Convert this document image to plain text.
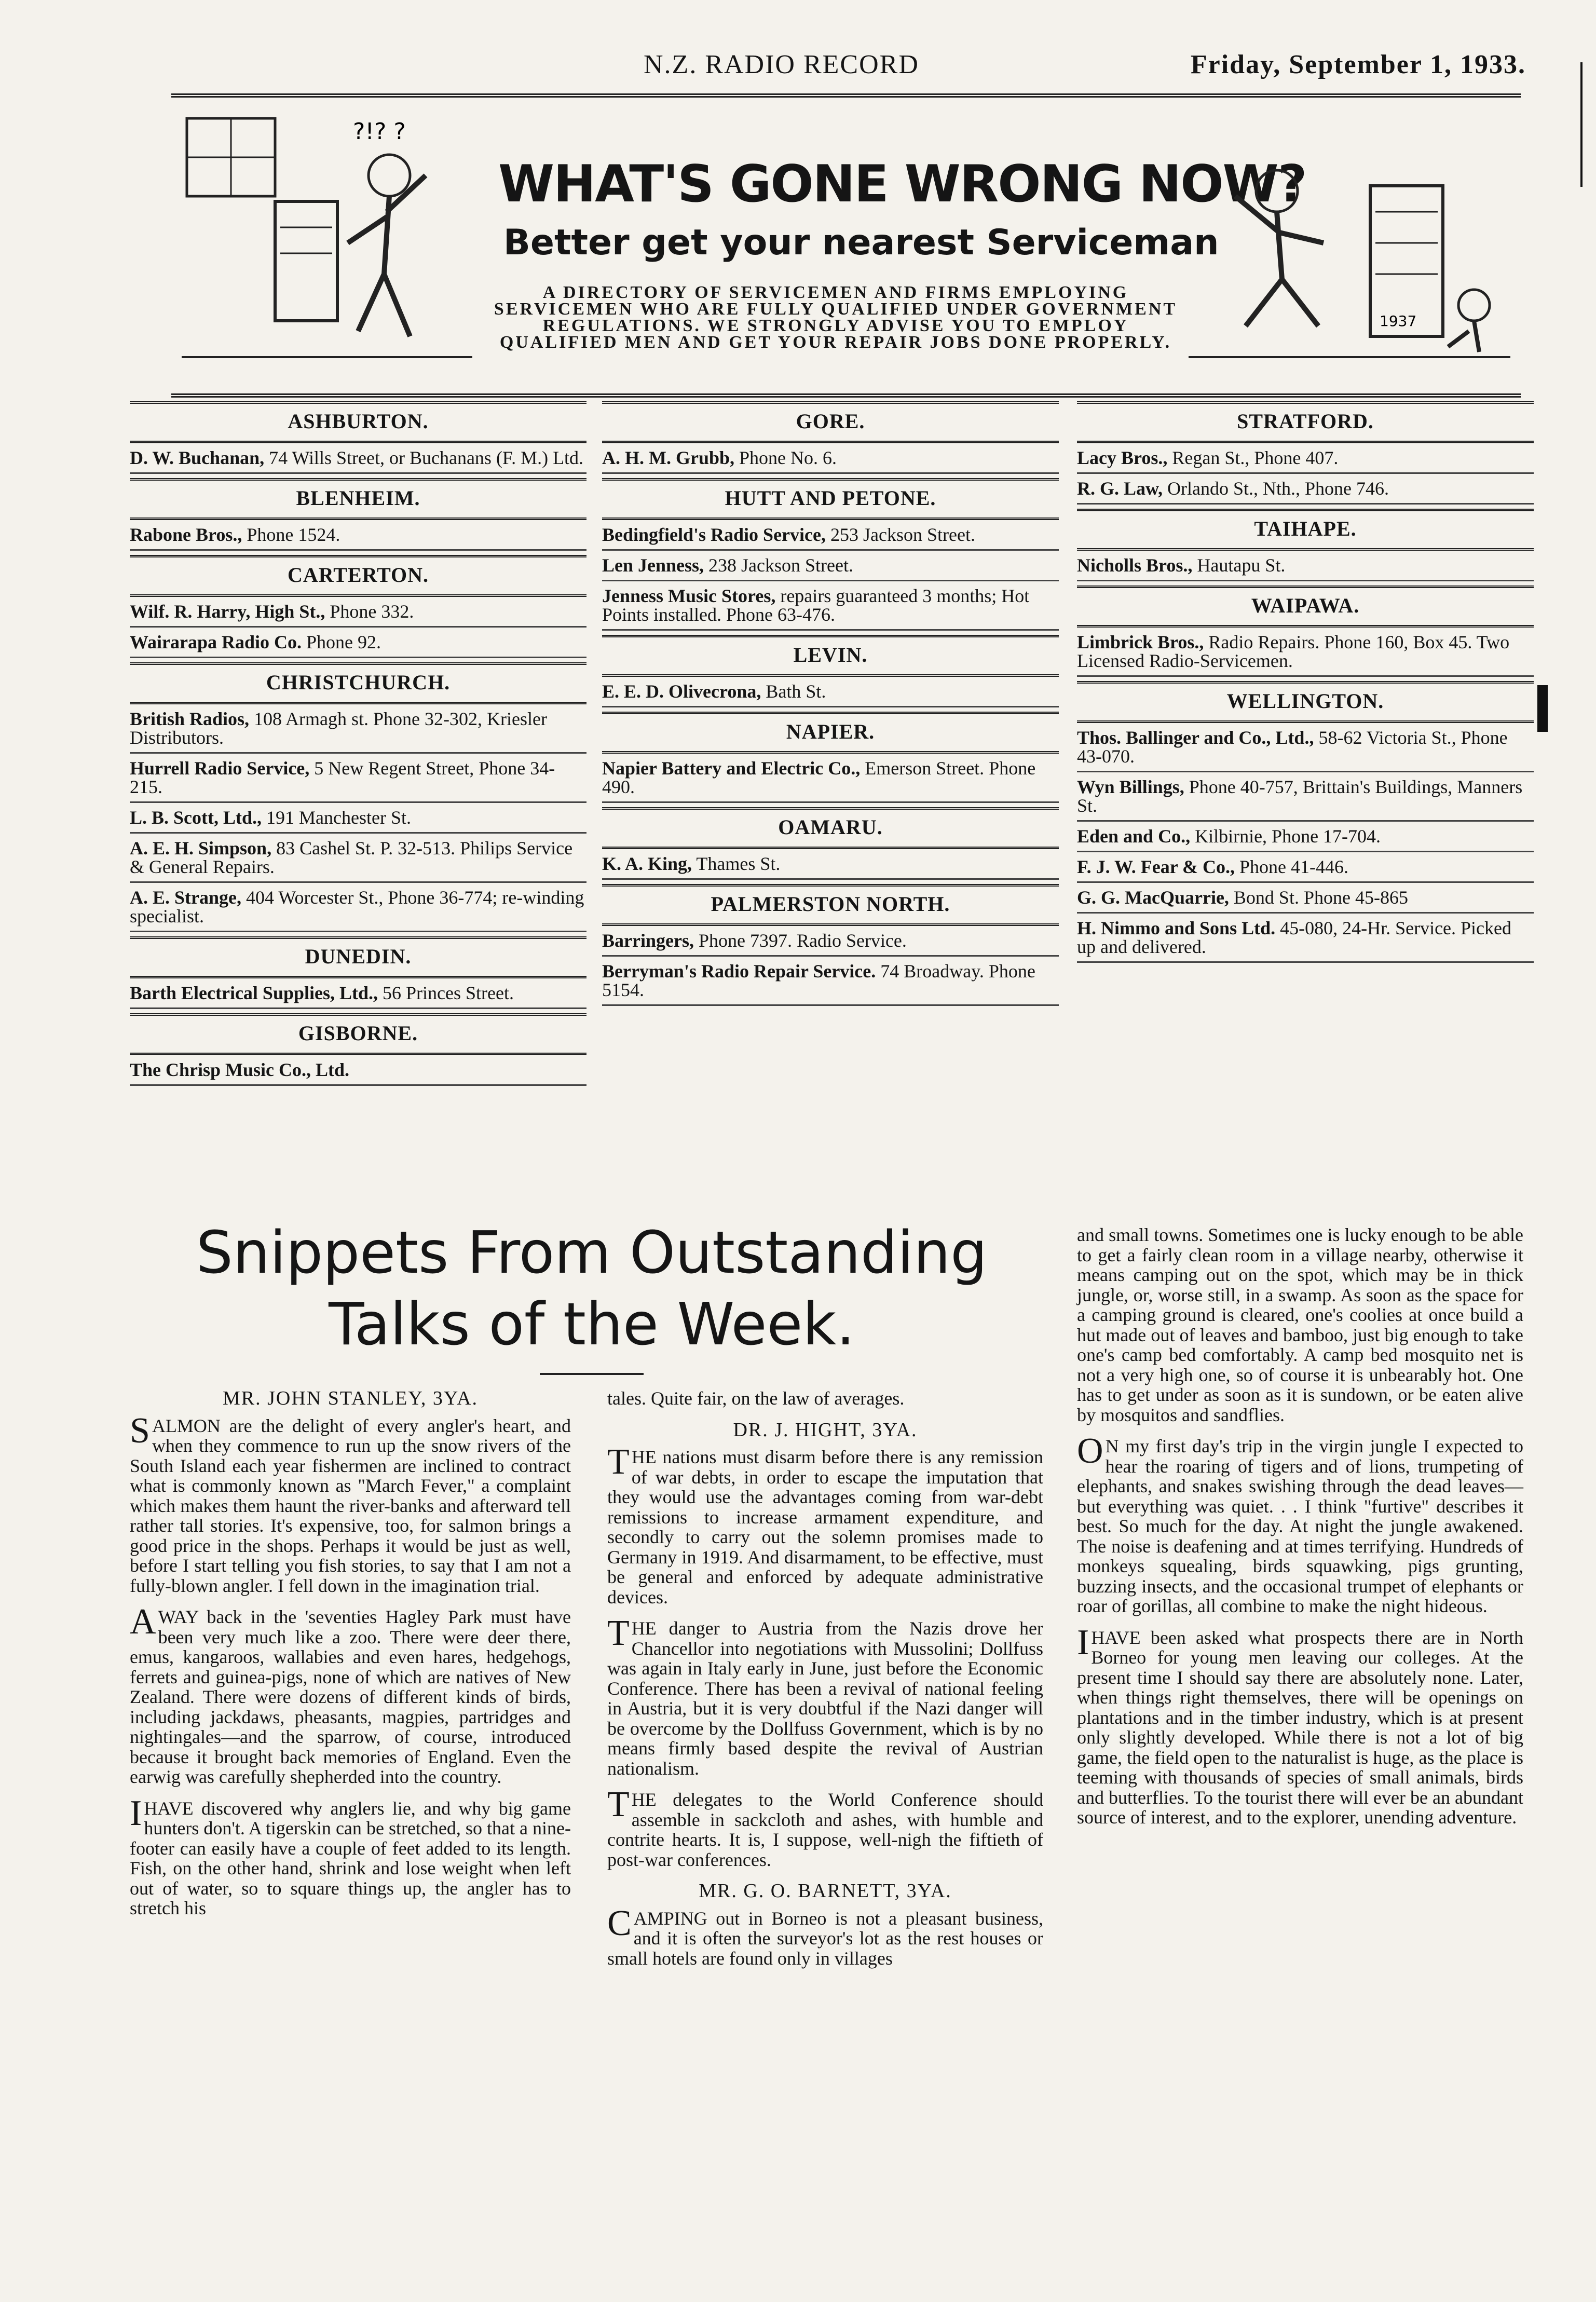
N.Z. RADIO RECORD	Friday, September 1, 1933.
?!? ?
WHAT'S GONE WRONG NOW?
Better get your nearest Serviceman
A DIRECTORY OF SERVICEMEN AND FIRMS EMPLOYING SERVICEMEN WHO ARE FULLY QUALIFIED UNDER GOVERNMENT REGULATIONS. WE STRONGLY ADVISE YOU TO EMPLOY QUALIFIED MEN AND GET YOUR REPAIR JOBS DONE PROPERLY.
1937
ASHBURTON.
D. W. Buchanan, 74 Wills Street, or Buchanans (F. M.) Ltd.
BLENHEIM.
Rabone Bros., Phone 1524.
CARTERTON.
Wilf. R. Harry, High St., Phone 332.
Wairarapa Radio Co. Phone 92.
CHRISTCHURCH.
British Radios, 108 Armagh st. Phone 32-302, Kriesler Distributors.
Hurrell Radio Service, 5 New Regent Street, Phone 34-215.
L. B. Scott, Ltd., 191 Manchester St.
A. E. H. Simpson, 83 Cashel St. P. 32-513. Philips Service & General Repairs.
A. E. Strange, 404 Worcester St., Phone 36-774; re-winding specialist.
DUNEDIN.
Barth Electrical Supplies, Ltd., 56 Princes Street.
GISBORNE.
The Chrisp Music Co., Ltd.
GORE.
A. H. M. Grubb, Phone No. 6.
HUTT AND PETONE.
Bedingfield's Radio Service, 253 Jackson Street.
Len Jenness, 238 Jackson Street.
Jenness Music Stores, repairs guaranteed 3 months; Hot Points installed. Phone 63-476.
LEVIN.
E. E. D. Olivecrona, Bath St.
NAPIER.
Napier Battery and Electric Co., Emerson Street. Phone 490.
OAMARU.
K. A. King, Thames St.
PALMERSTON NORTH.
Barringers, Phone 7397. Radio Service.
Berryman's Radio Repair Service. 74 Broadway. Phone 5154.
STRATFORD.
Lacy Bros., Regan St., Phone 407.
R. G. Law, Orlando St., Nth., Phone 746.
TAIHAPE.
Nicholls Bros., Hautapu St.
WAIPAWA.
Limbrick Bros., Radio Repairs. Phone 160, Box 45. Two Licensed Radio-Servicemen.
WELLINGTON.
Thos. Ballinger and Co., Ltd., 58-62 Victoria St., Phone 43-070.
Wyn Billings, Phone 40-757, Brittain's Buildings, Manners St.
Eden and Co., Kilbirnie, Phone 17-704.
F. J. W. Fear & Co., Phone 41-446.
G. G. MacQuarrie, Bond St. Phone 45-865
H. Nimmo and Sons Ltd. 45-080, 24-Hr. Service. Picked up and delivered.
Snippets From Outstanding
Talks of the Week.
MR. JOHN STANLEY, 3YA.

SALMON are the delight of every angler's heart, and when they commence to run up the snow rivers of the South Island each year fishermen are inclined to contract what is commonly known as "March Fever," a complaint which makes them haunt the river-banks and afterward tell rather tall stories. It's expensive, too, for salmon brings a good price in the shops. Perhaps it would be just as well, before I start telling you fish stories, to say that I am not a fully-blown angler. I fell down in the imagination trial.

AWAY back in the 'seventies Hagley Park must have been very much like a zoo. There were deer there, emus, kangaroos, wallabies and even hares, hedgehogs, ferrets and guinea-pigs, none of which are natives of New Zealand. There were dozens of different kinds of birds, including jackdaws, pheasants, magpies, partridges and nightingales—and the sparrow, of course, introduced because it brought back memories of England. Even the earwig was carefully shepherded into the country.

IHAVE discovered why anglers lie, and why big game hunters don't. A tigerskin can be stretched, so that a nine-footer can easily have a couple of feet added to its length. Fish, on the other hand, shrink and lose weight when left out of water, so to square things up, the angler has to stretch his

tales. Quite fair, on the law of averages.

DR. J. HIGHT, 3YA.

THE nations must disarm before there is any remission of war debts, in order to escape the imputation that they would use the advantages coming from war-debt remissions to increase armament expenditure, and secondly to carry out the solemn promises made to Germany in 1919. And disarmament, to be effective, must be general and enforced by adequate administrative devices.

THE danger to Austria from the Nazis drove her Chancellor into negotiations with Mussolini; Dollfuss was again in Italy early in June, just before the Economic Conference. There has been a revival of national feeling in Austria, but it is very doubtful if the Nazi danger will be overcome by the Dollfuss Government, which is by no means firmly based despite the revival of Austrian nationalism.

THE delegates to the World Conference should assemble in sackcloth and ashes, with humble and contrite hearts. It is, I suppose, well-nigh the fiftieth of post-war conferences.

MR. G. O. BARNETT, 3YA.

CAMPING out in Borneo is not a pleasant business, and it is often the surveyor's lot as the rest houses or small hotels are found only in villages

and small towns. Sometimes one is lucky enough to be able to get a fairly clean room in a village nearby, otherwise it means camping out on the spot, which may be in thick jungle, or, worse still, in a swamp. As soon as the space for a camping ground is cleared, one's coolies at once build a hut made out of leaves and bamboo, just big enough to take one's camp bed comfortably. A camp bed mosquito net is not a very high one, so of course it is unbearably hot. One has to get under as soon as it is sundown, or be eaten alive by mosquitos and sandflies.

O N my first day's trip in the virgin jungle I expected to hear the roaring of tigers and of lions, trumpeting of elephants, and snakes swishing through the dead leaves—but everything was quiet. . . I think "furtive" describes it best. So much for the day. At night the jungle awakened. The noise is deafening and at times terrifying. Hundreds of monkeys squealing, birds squawking, pigs grunting, buzzing insects, and the occasional trumpet of elephants or roar of gorillas, all combine to make the night hideous.

IHAVE been asked what prospects there are in North Borneo for young men leaving our colleges. At the present time I should say there are absolutely none. Later, when things right themselves, there will be openings on plantations and in the timber industry, which is at present only slightly developed. While there is not a lot of big game, the field open to the naturalist is huge, as the place is teeming with thousands of species of small animals, birds and butterflies. To the tourist there will ever be an abundant source of interest, and to the explorer, unending adventure.
